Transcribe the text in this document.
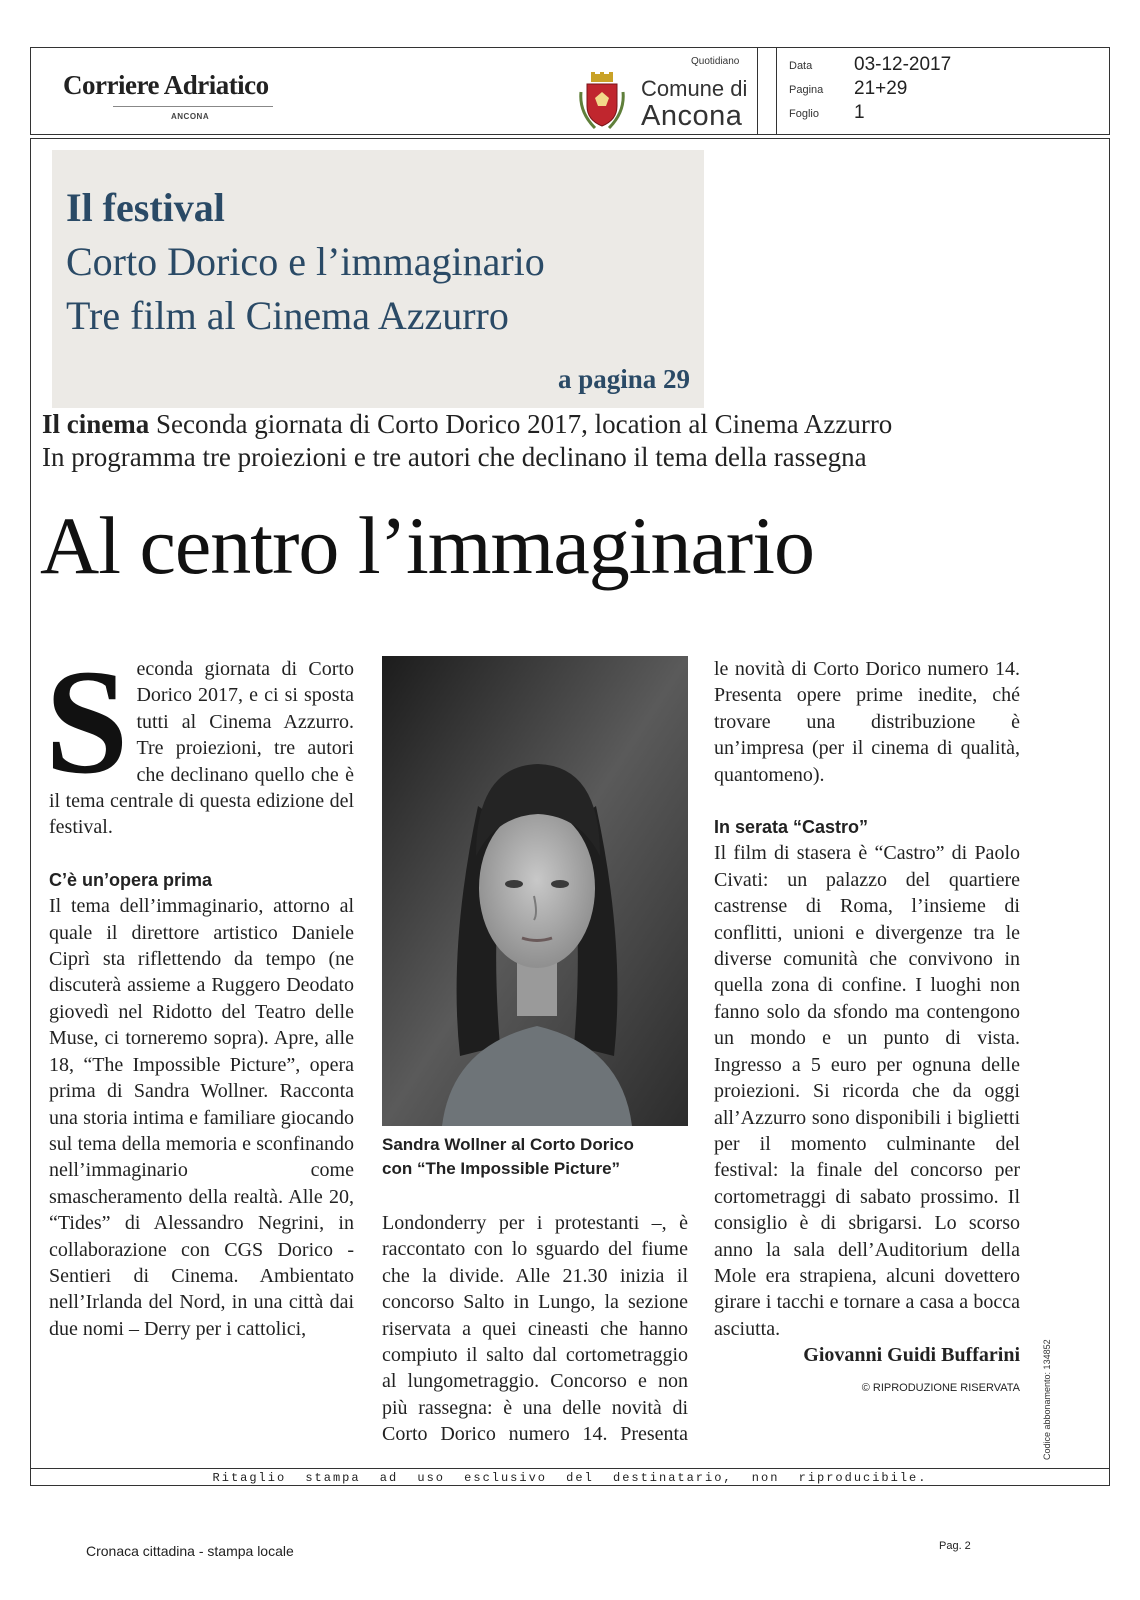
Corriere Adriatico
ANCONA
Quotidiano
Comune di
Ancona
Data	03-12-2017
Pagina	21+29
Foglio	1
Il festival
Corto Dorico e l’immaginario
Tre film al Cinema Azzurro
a pagina 29
Il cinema Seconda giornata di Corto Dorico 2017, location al Cinema Azzurro
In programma tre proiezioni e tre autori che declinano il tema della rassegna
Al centro l’immaginario

Seconda giornata di Corto Dorico 2017, e ci si sposta tutti al Cinema Azzurro. Tre proiezioni, tre autori che declinano quello che è il tema centrale di questa edizione del festival.

C’è un’opera prima

Il tema dell’immaginario, attorno al quale il direttore artistico Daniele Ciprì sta riflettendo da tempo (ne discuterà assieme a Ruggero Deodato giovedì nel Ridotto del Teatro delle Muse, ci torneremo sopra). Apre, alle 18, “The Impossible Picture”, opera prima di Sandra Wollner. Racconta una storia intima e familiare giocando sul tema della memoria e sconfinando nell’immaginario come smascheramento della realtà. Alle 20, “Tides” di Alessandro Negrini, in collaborazione con CGS Dorico - Sentieri di Cinema. Ambientato nell’Irlanda del Nord, in una città dai due nomi – Derry per i cattolici,

Sandra Wollner al Corto Dorico
con “The Impossible Picture”

Londonderry per i protestanti –, è raccontato con lo sguardo del fiume che la divide. Alle 21.30 inizia il concorso Salto in Lungo, la sezione riservata a quei cineasti che hanno compiuto il salto dal cortometraggio al lungometraggio. Concorso e non più rassegna: è una delle novità di Corto Dorico numero 14. Presenta

le novità di Corto Dorico numero 14. Presenta opere prime inedite, ché trovare una distribuzione è un’impresa (per il cinema di qualità, quantomeno).

In serata “Castro”

Il film di stasera è “Castro” di Paolo Civati: un palazzo del quartiere castrense di Roma, l’insieme di conflitti, unioni e divergenze tra le diverse comunità che convivono in quella zona di confine. I luoghi non fanno solo da sfondo ma contengono un mondo e un punto di vista. Ingresso a 5 euro per ognuna delle proiezioni. Si ricorda che da oggi all’Azzurro sono disponibili i biglietti per il momento culminante del festival: la finale del concorso per cortometraggi di sabato prossimo. Il consiglio è di sbrigarsi. Lo scorso anno la sala dell’Auditorium della Mole era strapiena, alcuni dovettero girare i tacchi e tornare a casa a bocca asciutta.

Giovanni Guidi Buffarini
© RIPRODUZIONE RISERVATA
Ritaglio stampa ad uso esclusivo del destinatario, non riproducibile.
Codice abbonamento: 134852
Cronaca cittadina - stampa locale	Pag. 2
